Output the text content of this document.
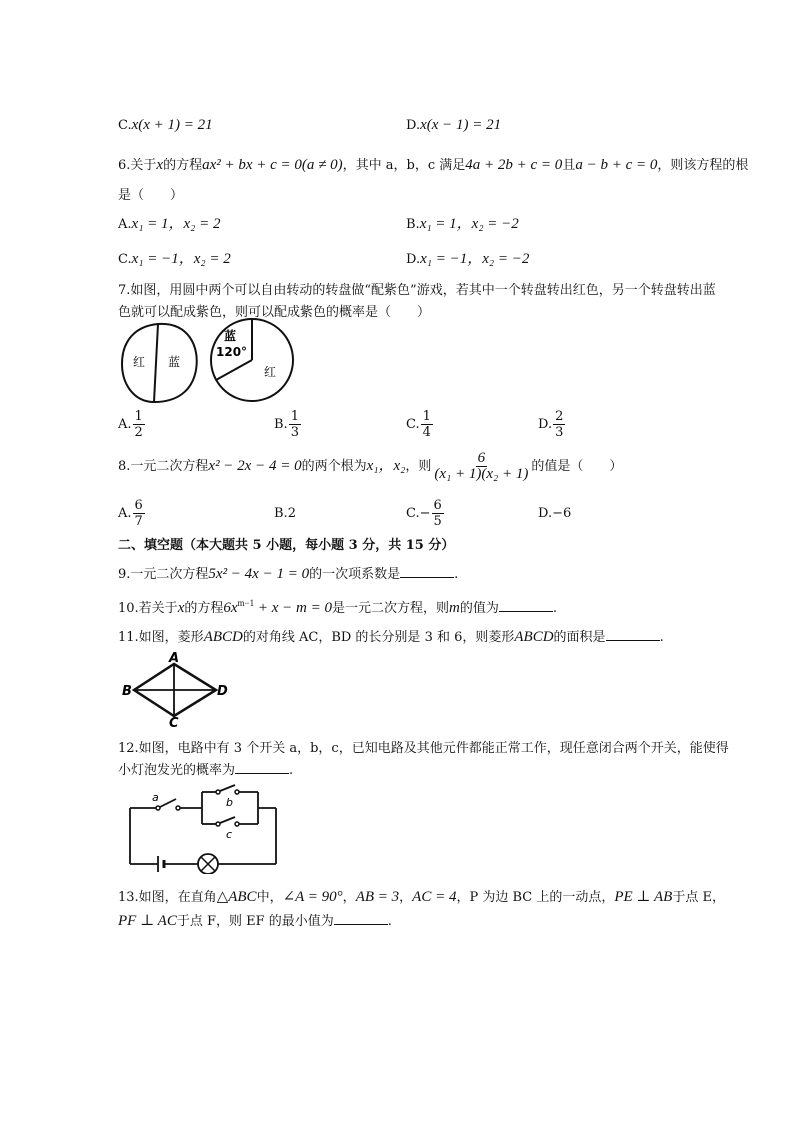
C.x(x + 1) = 21	D.x(x − 1) = 21
6.关于x的方程ax² + bx + c = 0(a ≠ 0)，其中 a，b，c 满足4a + 2b + c = 0且a − b + c = 0，则该方程的根
是（　　）
A.x₁ = 1，x₂ = 2	B.x₁ = 1，x₂ = −2
C.x₁ = −1，x₂ = 2	D.x₁ = −1，x₂ = −2
7.如图，用圆中两个可以自由转动的转盘做“配紫色”游戏，若其中一个转盘转出红色，另一个转盘转出蓝
色就可以配成紫色，则可以配成紫色的概率是（　　）
红 蓝
蓝
120°
红
A. $\frac{1}{2}$	B. $\frac{1}{3}$	C. $\frac{1}{4}$	D. $\frac{2}{3}$
8.一元二次方程x² − 2x − 4 = 0的两个根为x₁，x₂，则 $\frac{6}{\text{(x₁ + 1)(x₂ + 1)}}$ 的值是（　　）
A. $\frac{6}{7}$	B.2	$C.- \frac{6}{5}$	D.−6
二、填空题（本大题共 5 小题，每小题 3 分，共 15 分）
9.一元二次方程5x² − 4x − 1 = 0的一次项系数是	.
10.若关于x的方程$6x^{m-1} + x - m = 0$是一元二次方程，则m的值为	.
11.如图，菱形ABCD的对角线 AC，BD 的长分别是 3 和 6，则菱形ABCD的面积是	.
A
B
C
D
12.如图，电路中有 3 个开关 a，b，c，已知电路及其他元件都能正常工作，现任意闭合两个开关，能使得
小灯泡发光的概率为	.
a	b
c
13.如图，在直角△ABC中，∠A = 90°，AB = 3，AC = 4，P 为边 BC 上的一动点，PE ⊥ AB于点 E，
PF ⊥ AC于点 F，则 EF 的最小值为	.
